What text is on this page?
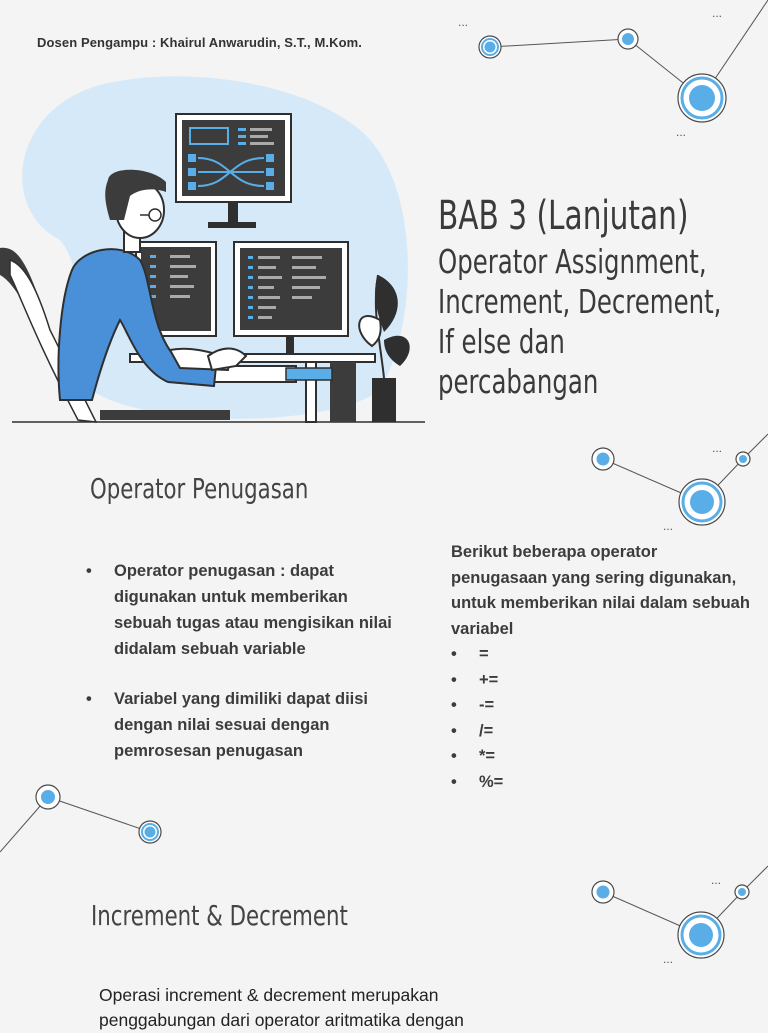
Dosen Pengampu : Khairul Anwarudin, S.T., M.Kom.
...
...
...
BAB 3 (Lanjutan)
Operator Assignment,
Increment, Decrement,
If else dan
percabangan
...
...
Operator Penugasan
• Operator penugasan : dapat digunakan untuk memberikan sebuah tugas atau mengisikan nilai didalam sebuah variable
• Variabel yang dimiliki dapat diisi dengan nilai sesuai dengan pemrosesan penugasan
Berikut beberapa operator penugasaan yang sering digunakan, untuk memberikan nilai dalam sebuah variabel
• =
• +=
• -=
• /=
• *=
• %=
...
...
Increment & Decrement
Operasi increment & decrement merupakan penggabungan dari operator aritmatika dengan
